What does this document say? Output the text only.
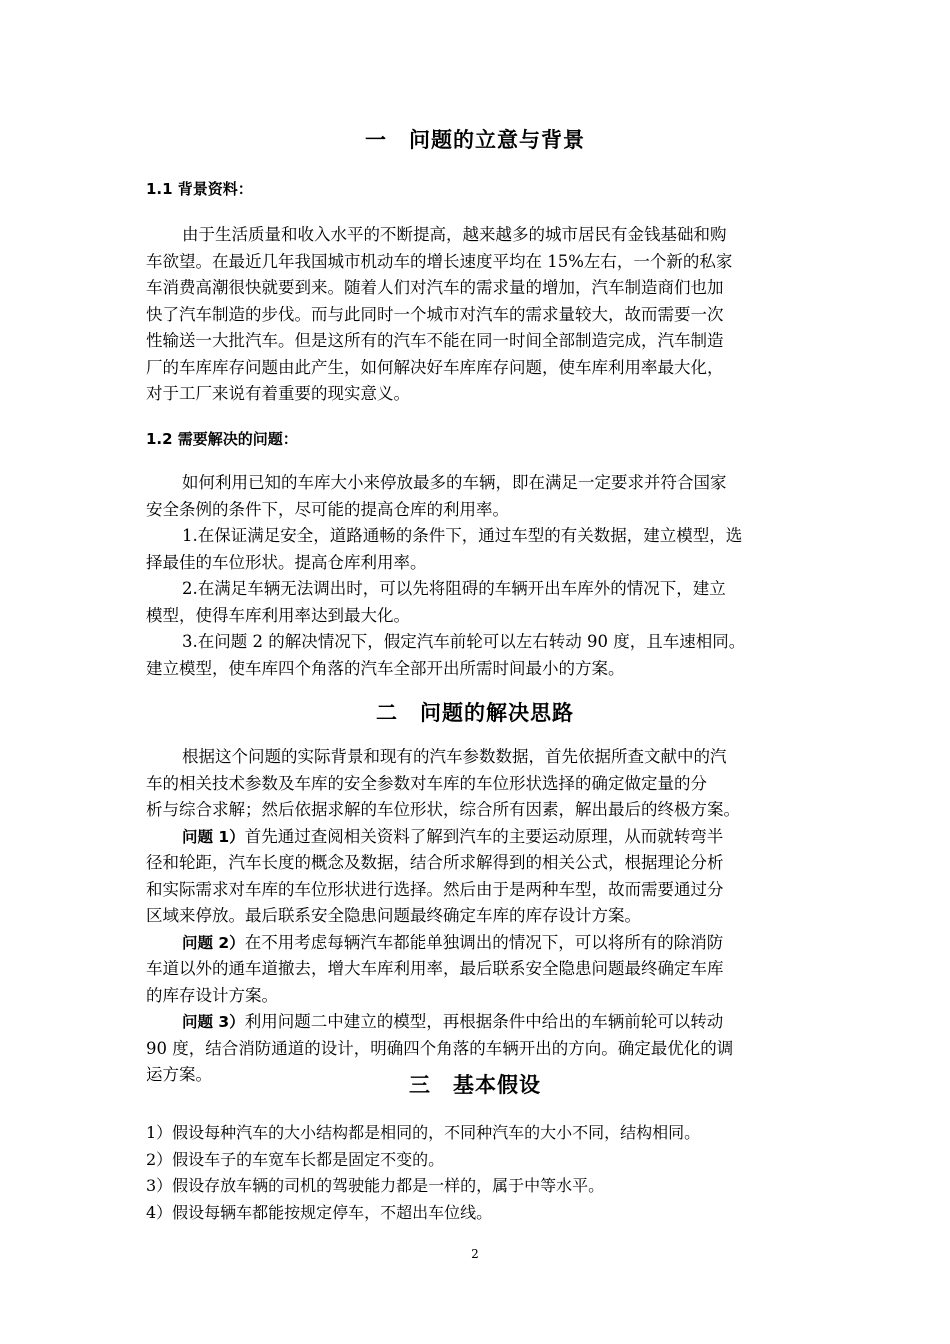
一　问题的立意与背景
1.1 背景资料：
由于生活质量和收入水平的不断提高，越来越多的城市居民有金钱基础和购
车欲望。在最近几年我国城市机动车的增长速度平均在 15%左右，一个新的私家
车消费高潮很快就要到来。随着人们对汽车的需求量的增加，汽车制造商们也加
快了汽车制造的步伐。而与此同时一个城市对汽车的需求量较大，故而需要一次
性输送一大批汽车。但是这所有的汽车不能在同一时间全部制造完成，汽车制造
厂的车库库存问题由此产生，如何解决好车库库存问题，使车库利用率最大化，
对于工厂来说有着重要的现实意义。
1.2 需要解决的问题：
如何利用已知的车库大小来停放最多的车辆，即在满足一定要求并符合国家
安全条例的条件下，尽可能的提高仓库的利用率。
1.在保证满足安全，道路通畅的条件下，通过车型的有关数据，建立模型，选
择最佳的车位形状。提高仓库利用率。
2.在满足车辆无法调出时，可以先将阻碍的车辆开出车库外的情况下，建立
模型，使得车库利用率达到最大化。
3.在问题 2 的解决情况下，假定汽车前轮可以左右转动 90 度，且车速相同。
建立模型，使车库四个角落的汽车全部开出所需时间最小的方案。
二　问题的解决思路
根据这个问题的实际背景和现有的汽车参数数据，首先依据所查文献中的汽
车的相关技术参数及车库的安全参数对车库的车位形状选择的确定做定量的分
析与综合求解；然后依据求解的车位形状，综合所有因素，解出最后的终极方案。
问题 1）首先通过查阅相关资料了解到汽车的主要运动原理，从而就转弯半
径和轮距，汽车长度的概念及数据，结合所求解得到的相关公式，根据理论分析
和实际需求对车库的车位形状进行选择。然后由于是两种车型，故而需要通过分
区域来停放。最后联系安全隐患问题最终确定车库的库存设计方案。
问题 2）在不用考虑每辆汽车都能单独调出的情况下，可以将所有的除消防
车道以外的通车道撤去，增大车库利用率，最后联系安全隐患问题最终确定车库
的库存设计方案。
问题 3）利用问题二中建立的模型，再根据条件中给出的车辆前轮可以转动
90 度，结合消防通道的设计，明确四个角落的车辆开出的方向。确定最优化的调
运方案。	三　基本假设
1）假设每种汽车的大小结构都是相同的，不同种汽车的大小不同，结构相同。
2）假设车子的车宽车长都是固定不变的。
3）假设存放车辆的司机的驾驶能力都是一样的，属于中等水平。
4）假设每辆车都能按规定停车，不超出车位线。
2
